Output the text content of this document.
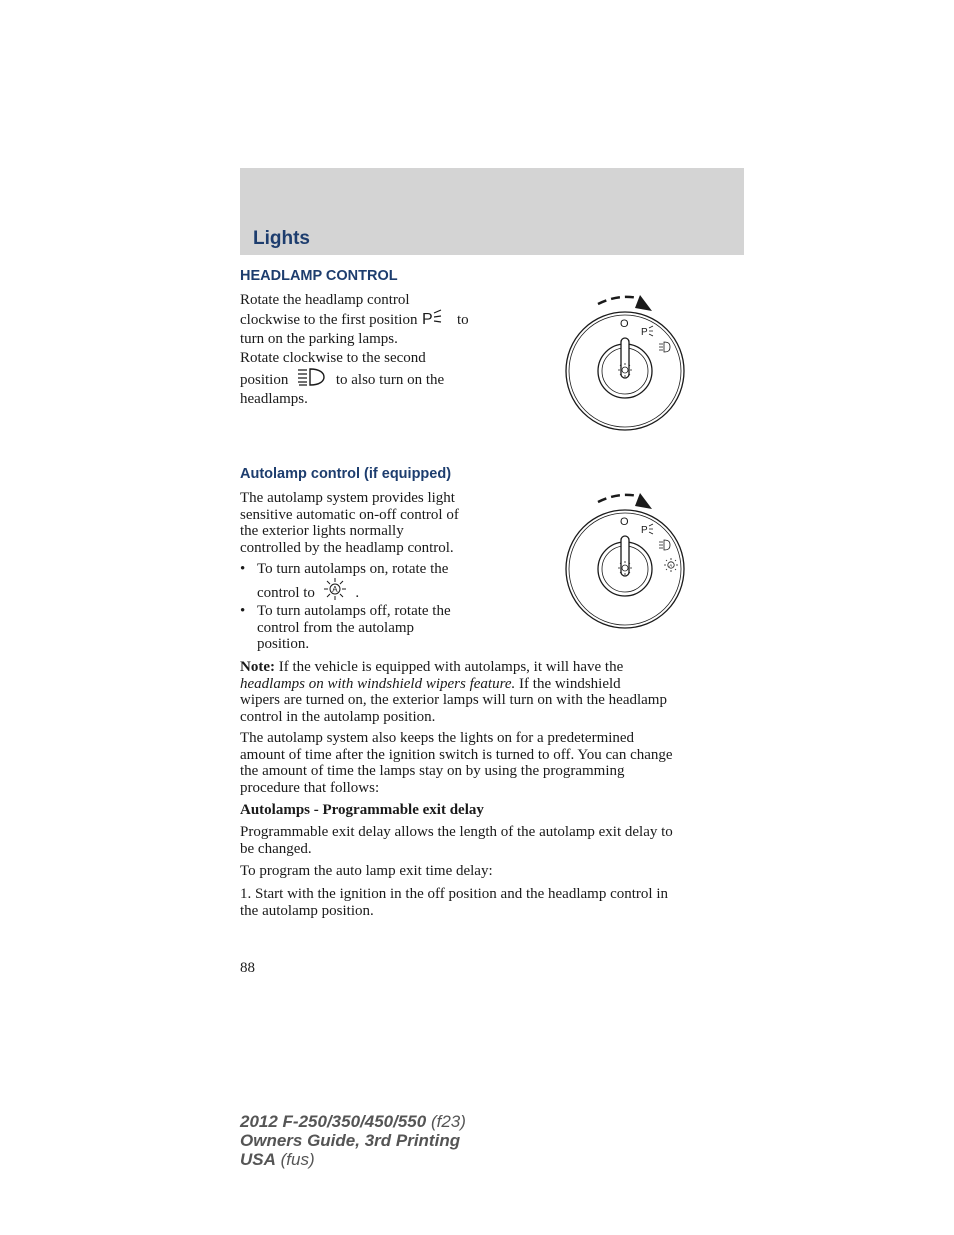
Lights
HEADLAMP CONTROL
Rotate the headlamp control
clockwise to the first position P to
turn on the parking lamps.
Rotate clockwise to the second
position	to also turn on the
headlamps.
O
P
Autolamp control (if equipped)
The autolamp system provides light
sensitive automatic on-off control of
the exterior lights normally
controlled by the headlamp control.
• To turn autolamps on, rotate the
control to A .
• To turn autolamps off, rotate the
control from the autolamp
position.
O
P
A
Note: If the vehicle is equipped with autolamps, it will have the
headlamps on with windshield wipers feature. If the windshield
wipers are turned on, the exterior lamps will turn on with the headlamp
control in the autolamp position.
The autolamp system also keeps the lights on for a predetermined
amount of time after the ignition switch is turned to off. You can change
the amount of time the lamps stay on by using the programming
procedure that follows:
Autolamps - Programmable exit delay
Programmable exit delay allows the length of the autolamp exit delay to
be changed.
To program the auto lamp exit time delay:
1. Start with the ignition in the off position and the headlamp control in
the autolamp position.
88
2012 F-250/350/450/550 (f23)
Owners Guide, 3rd Printing
USA (fus)
